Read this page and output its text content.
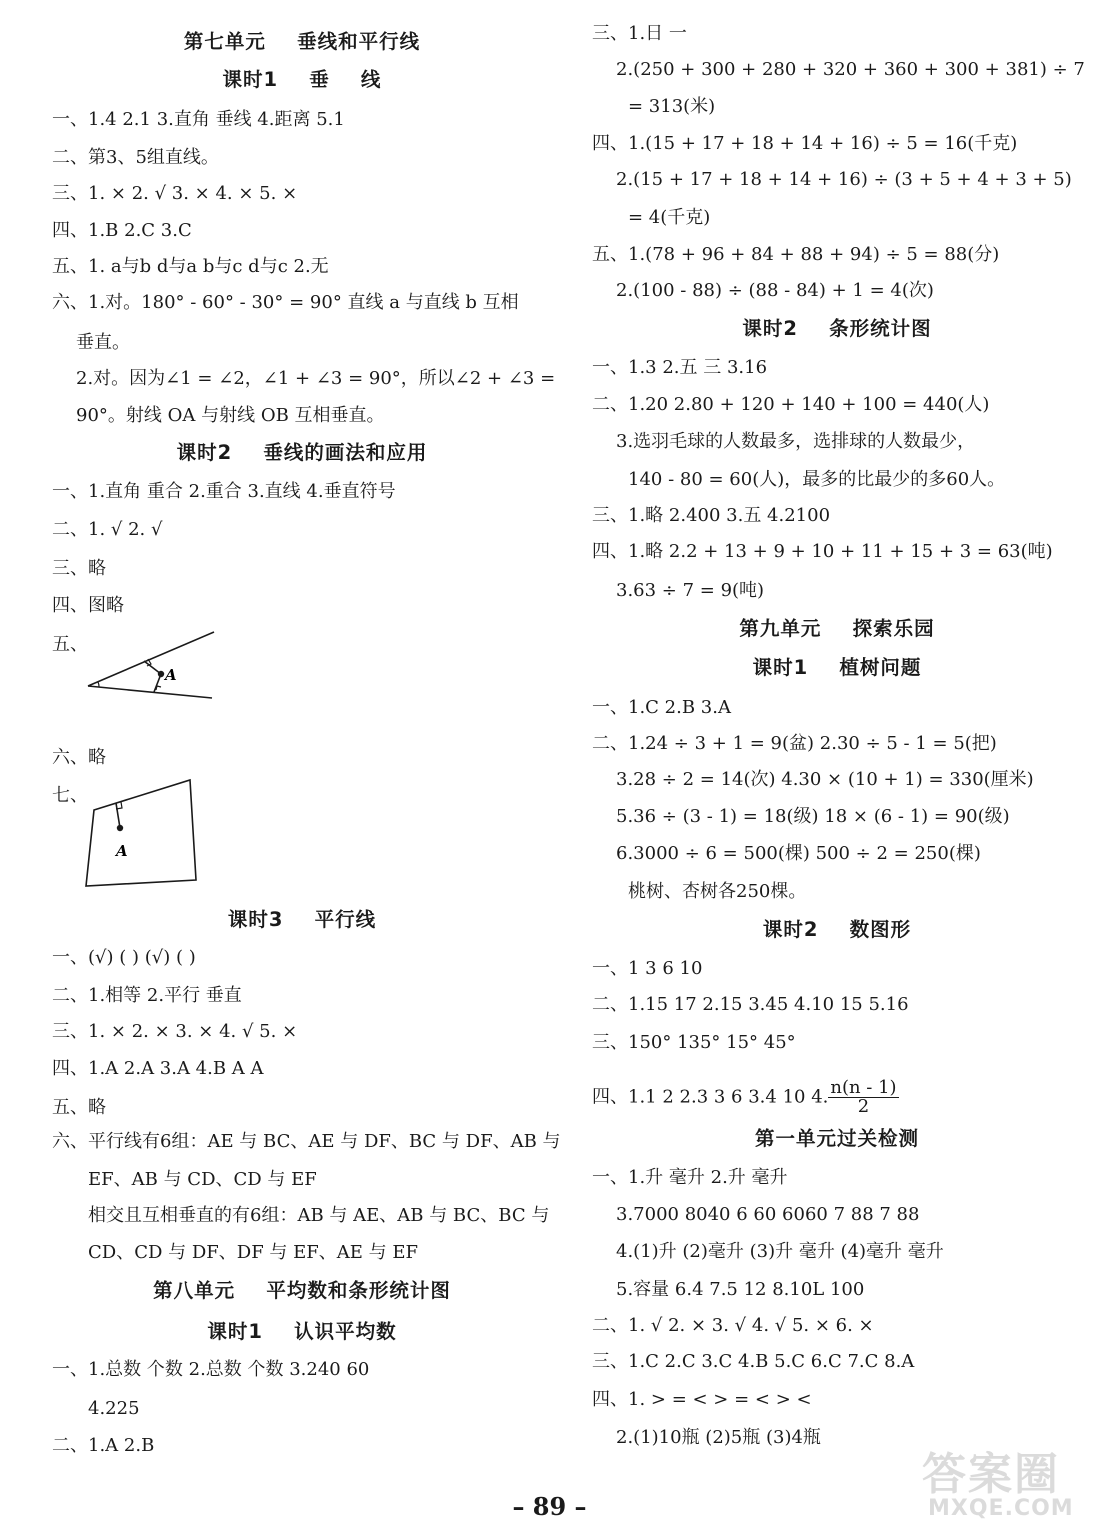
第七单元    垂线和平行线
课时1    垂    线
一、1.4 2.1 3.直角 垂线 4.距离 5.1
二、第3、5组直线。
三、1. × 2. √ 3. × 4. × 5. ×
四、1.B 2.C 3.C
五、1. a与b d与a b与c d与c 2.无
六、1.对。180° - 60° - 30° = 90° 直线 a 与直线 b 互相
垂直。
2.对。因为∠1 = ∠2，∠1 + ∠3 = 90°，所以∠2 + ∠3 =
90°。射线 OA 与射线 OB 互相垂直。
课时2    垂线的画法和应用
一、1.直角 重合 2.重合 3.直线 4.垂直符号
二、1. √ 2. √
三、略
四、图略
五、
六、略
七、
课时3    平行线
一、(√) ( ) (√) ( )
二、1.相等 2.平行 垂直
三、1. × 2. × 3. × 4. √ 5. ×
四、1.A 2.A 3.A 4.B A A
五、略
六、平行线有6组：AE 与 BC、AE 与 DF、BC 与 DF、AB 与
EF、AB 与 CD、CD 与 EF
相交且互相垂直的有6组：AB 与 AE、AB 与 BC、BC 与
CD、CD 与 DF、DF 与 EF、AE 与 EF
第八单元    平均数和条形统计图
课时1    认识平均数
一、1.总数 个数 2.总数 个数 3.240 60
4.225
二、1.A 2.B
三、1.日 一
2.(250 + 300 + 280 + 320 + 360 + 300 + 381) ÷ 7
= 313(米)
四、1.(15 + 17 + 18 + 14 + 16) ÷ 5 = 16(千克)
2.(15 + 17 + 18 + 14 + 16) ÷ (3 + 5 + 4 + 3 + 5)
= 4(千克)
五、1.(78 + 96 + 84 + 88 + 94) ÷ 5 = 88(分)
2.(100 - 88) ÷ (88 - 84) + 1 = 4(次)
课时2    条形统计图
一、1.3 2.五 三 3.16
二、1.20 2.80 + 120 + 140 + 100 = 440(人)
3.选羽毛球的人数最多，选排球的人数最少，
140 - 80 = 60(人)，最多的比最少的多60人。
三、1.略 2.400 3.五 4.2100
四、1.略 2.2 + 13 + 9 + 10 + 11 + 15 + 3 = 63(吨)
3.63 ÷ 7 = 9(吨)
第九单元    探索乐园
课时1    植树问题
一、1.C 2.B 3.A
二、1.24 ÷ 3 + 1 = 9(盆) 2.30 ÷ 5 - 1 = 5(把)
3.28 ÷ 2 = 14(次) 4.30 × (10 + 1) = 330(厘米)
5.36 ÷ (3 - 1) = 18(级) 18 × (6 - 1) = 90(级)
6.3000 ÷ 6 = 500(棵) 500 ÷ 2 = 250(棵)
桃树、杏树各250棵。
课时2    数图形
一、1 3 6 10
二、1.15 17 2.15 3.45 4.10 15 5.16
三、150° 135° 15° 45°
四、1.1 2 2.3 3 6 3.4 10 4. $\frac{n(n - 1)}{2}$
第一单元过关检测
一、1.升 毫升 2.升 毫升
3.7000 8040 6 60 6060 7 88 7 88
4.(1)升 (2)毫升 (3)升 毫升 (4)毫升 毫升
5.容量 6.4 7.5 12 8.10L 100
二、1. √ 2. × 3. √ 4. √ 5. × 6. ×
三、1.C 2.C 3.C 4.B 5.C 6.C 7.C 8.A
四、1. > = < > = < > <
2.(1)10瓶 (2)5瓶 (3)4瓶
A
A
– 89 –
答案圈
MXQE.COM
